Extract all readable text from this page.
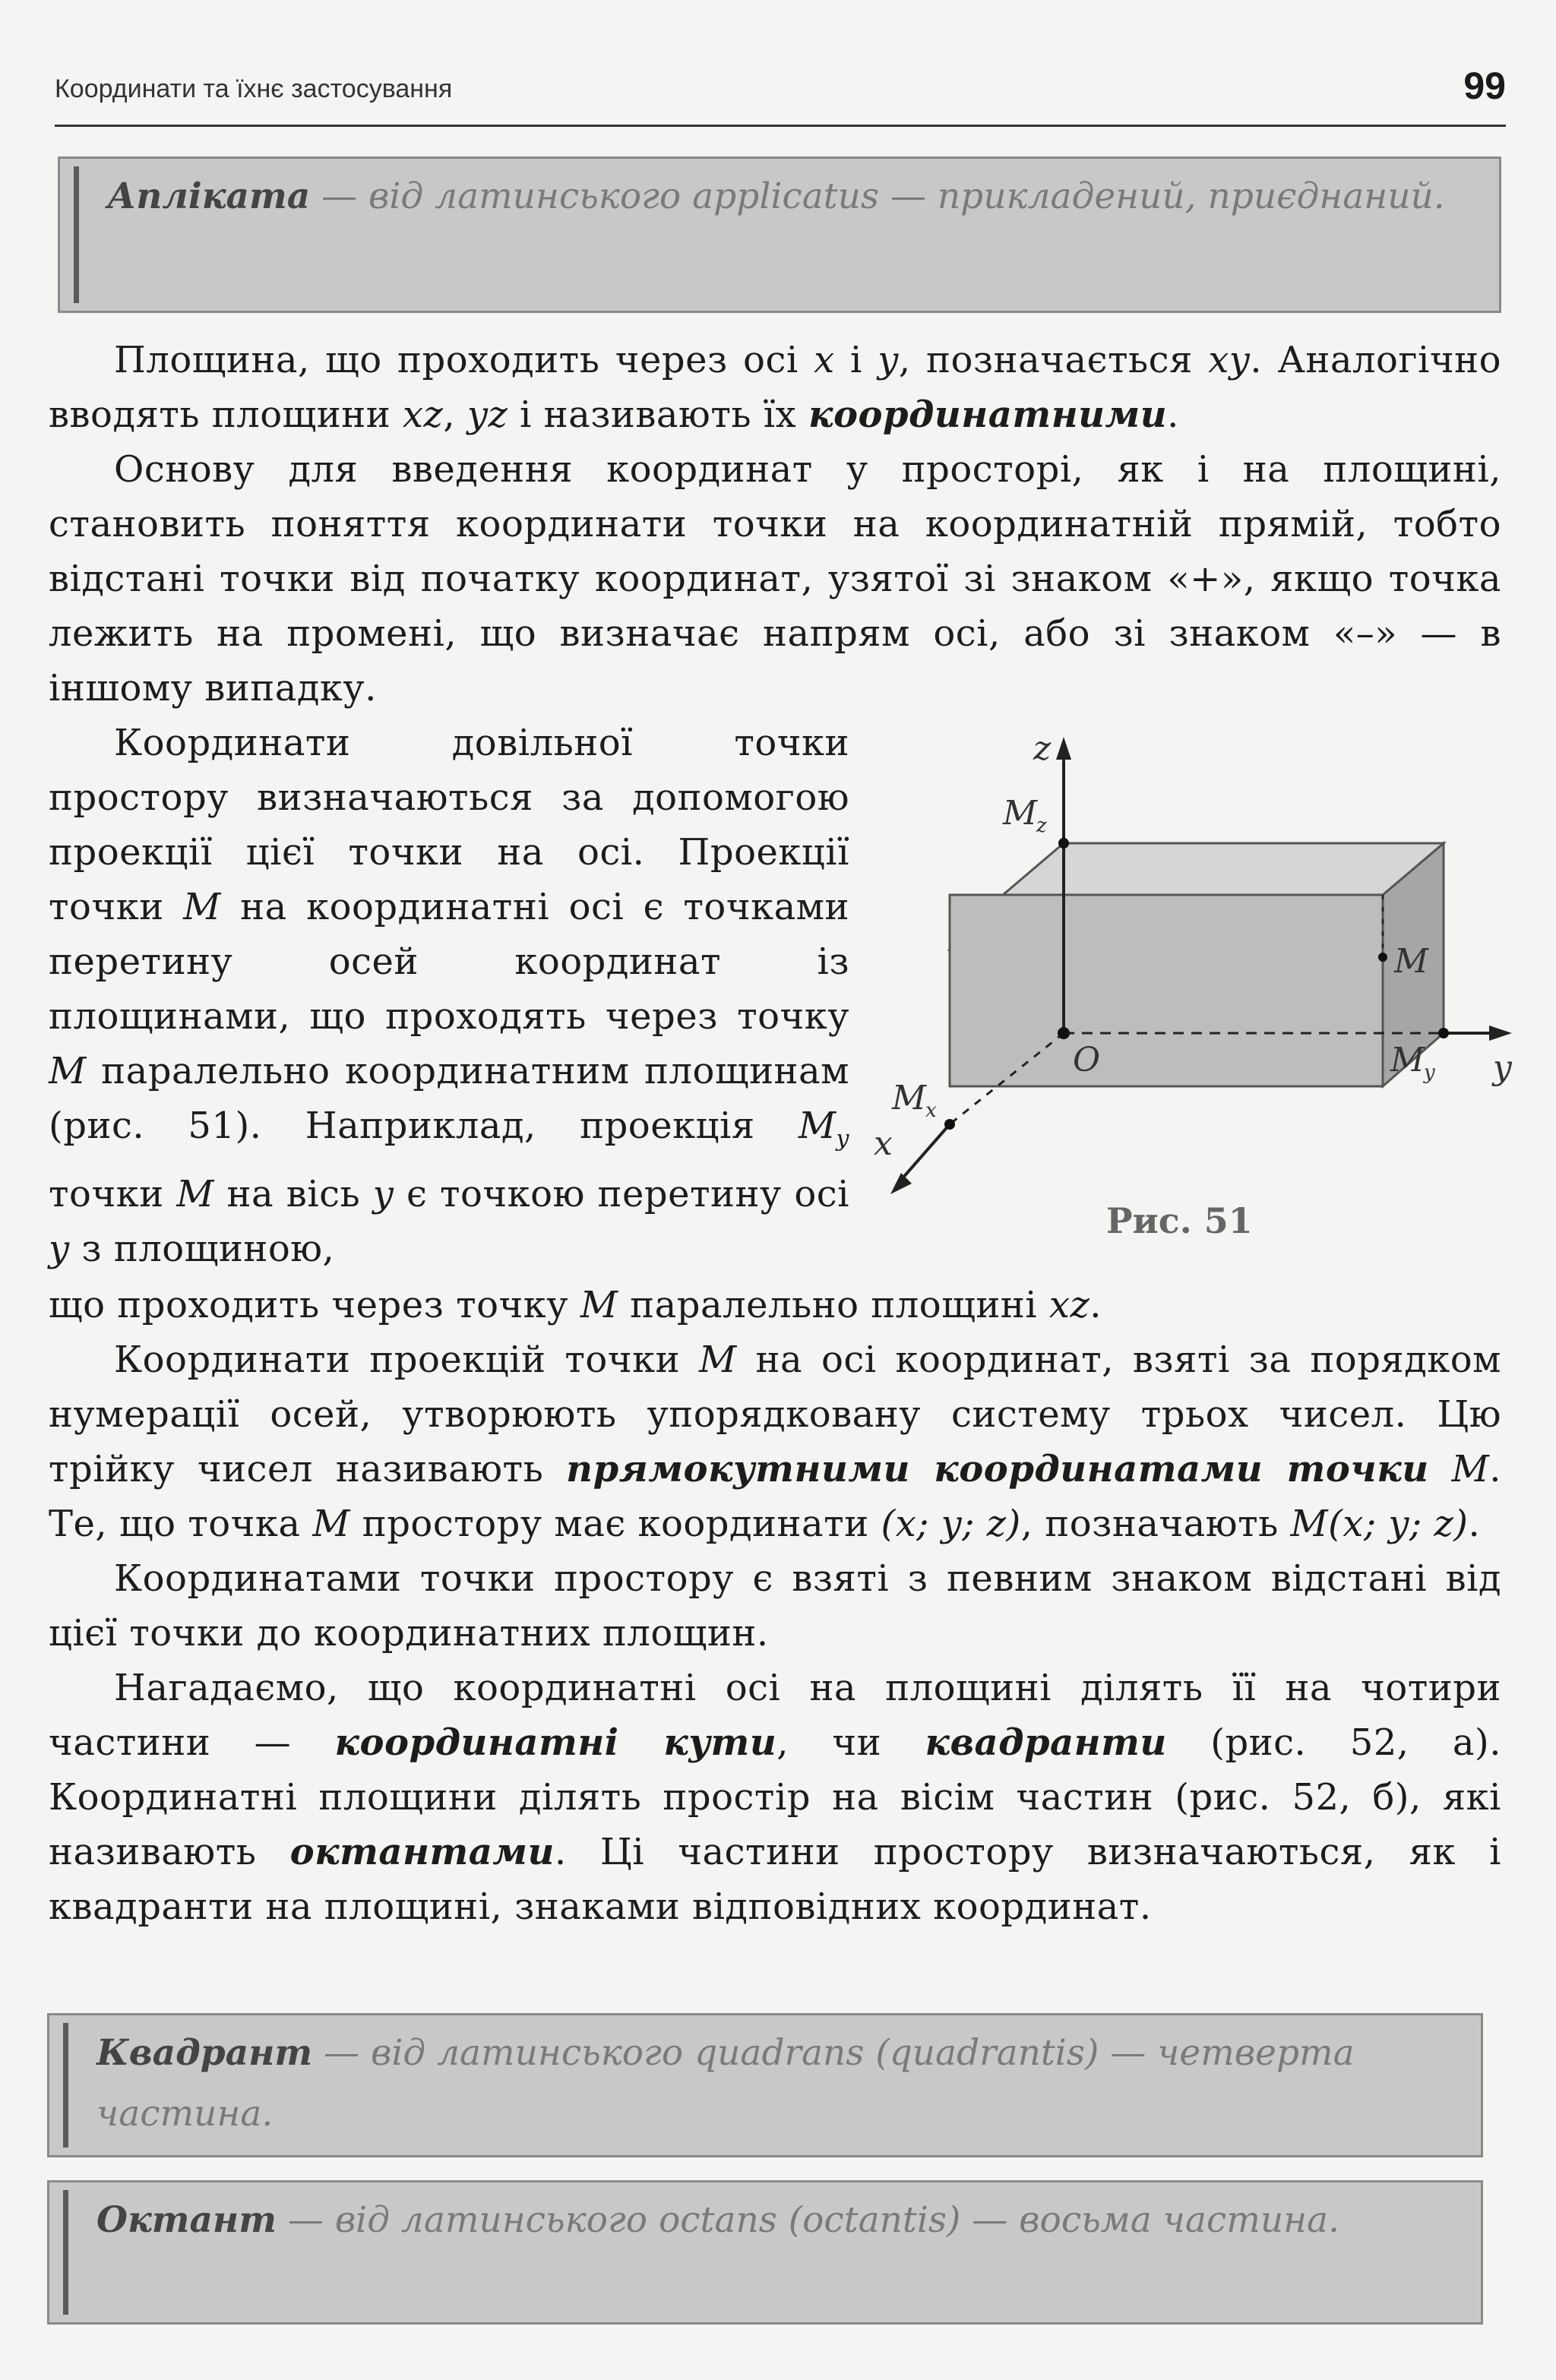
Координати та їхнє застосування	99
Апліката — від латинського applicatus — прикладений, приєднаний.

Площина, що проходить через осі x і y, позначається xy. Аналогічно вводять площини xz, yz і називають їх координатними.

Основу для введення координат у просторі, як і на площині, становить поняття координати точки на координатній прямій, тобто відстані точки від початку координат, узятої зі знаком «+», якщо точка лежить на промені, що визначає напрям осі, або зі знаком «–» — в іншому випадку.

Координати довільної точки простору визначаються за допомогою проекції цієї точки на осі. Проекції точки M на координатні осі є точками перетину осей координат із площинами, що проходять через точку M паралельно координатним площинам (рис. 51). Наприклад, проекція $M_y$ точки M на вісь y є точкою перетину осі y з площиною,

z
y
x
O
M
M
z
M
y
M
x
Рис. 51

що проходить через точку M паралельно площині xz.

Координати проекцій точки M на осі координат, взяті за порядком нумерації осей, утворюють упорядковану систему трьох чисел. Цю трійку чисел називають прямокутними координатами точки M. Те, що точка M простору має координати (x; y; z), позначають M(x; y; z).

Координатами точки простору є взяті з певним знаком відстані від цієї точки до координатних площин.

Нагадаємо, що координатні осі на площині ділять її на чотири частини — координатні кути, чи квадранти (рис. 52, а). Координатні площини ділять простір на вісім частин (рис. 52, б), які називають октантами. Ці частини простору визначаються, як і квадранти на площині, знаками відповідних координат.

Квадрант — від латинського quadrans (quadrantis) — четверта частина.
Октант — від латинського octans (octantis) — восьма частина.
